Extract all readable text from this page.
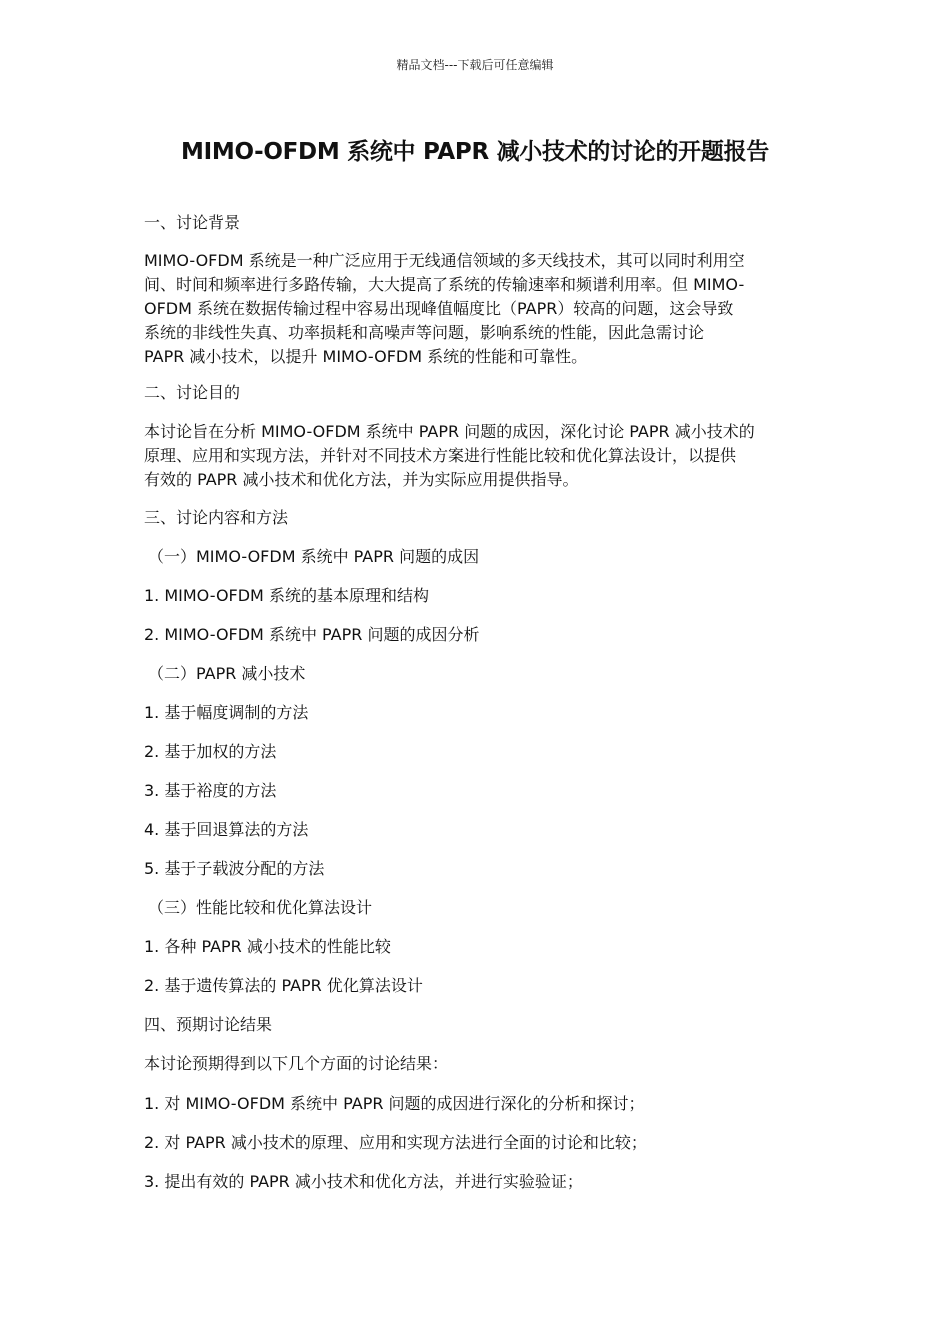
精品文档---下载后可任意编辑
MIMO-OFDM 系统中 PAPR 减小技术的讨论的开题报告
一、讨论背景
MIMO-OFDM 系统是一种广泛应用于无线通信领域的多天线技术，其可以同时利用空
间、时间和频率进行多路传输，大大提高了系统的传输速率和频谱利用率。但 MIMO-
OFDM 系统在数据传输过程中容易出现峰值幅度比（PAPR）较高的问题，这会导致
系统的非线性失真、功率损耗和高噪声等问题，影响系统的性能，因此急需讨论
PAPR 减小技术，以提升 MIMO-OFDM 系统的性能和可靠性。
二、讨论目的
本讨论旨在分析 MIMO-OFDM 系统中 PAPR 问题的成因，深化讨论 PAPR 减小技术的
原理、应用和实现方法，并针对不同技术方案进行性能比较和优化算法设计，以提供
有效的 PAPR 减小技术和优化方法，并为实际应用提供指导。
三、讨论内容和方法
（一）MIMO-OFDM 系统中 PAPR 问题的成因
1. MIMO-OFDM 系统的基本原理和结构
2. MIMO-OFDM 系统中 PAPR 问题的成因分析
（二）PAPR 减小技术
1. 基于幅度调制的方法
2. 基于加权的方法
3. 基于裕度的方法
4. 基于回退算法的方法
5. 基于子载波分配的方法
（三）性能比较和优化算法设计
1. 各种 PAPR 减小技术的性能比较
2. 基于遗传算法的 PAPR 优化算法设计
四、预期讨论结果
本讨论预期得到以下几个方面的讨论结果：
1. 对 MIMO-OFDM 系统中 PAPR 问题的成因进行深化的分析和探讨；
2. 对 PAPR 减小技术的原理、应用和实现方法进行全面的讨论和比较；
3. 提出有效的 PAPR 减小技术和优化方法，并进行实验验证；
